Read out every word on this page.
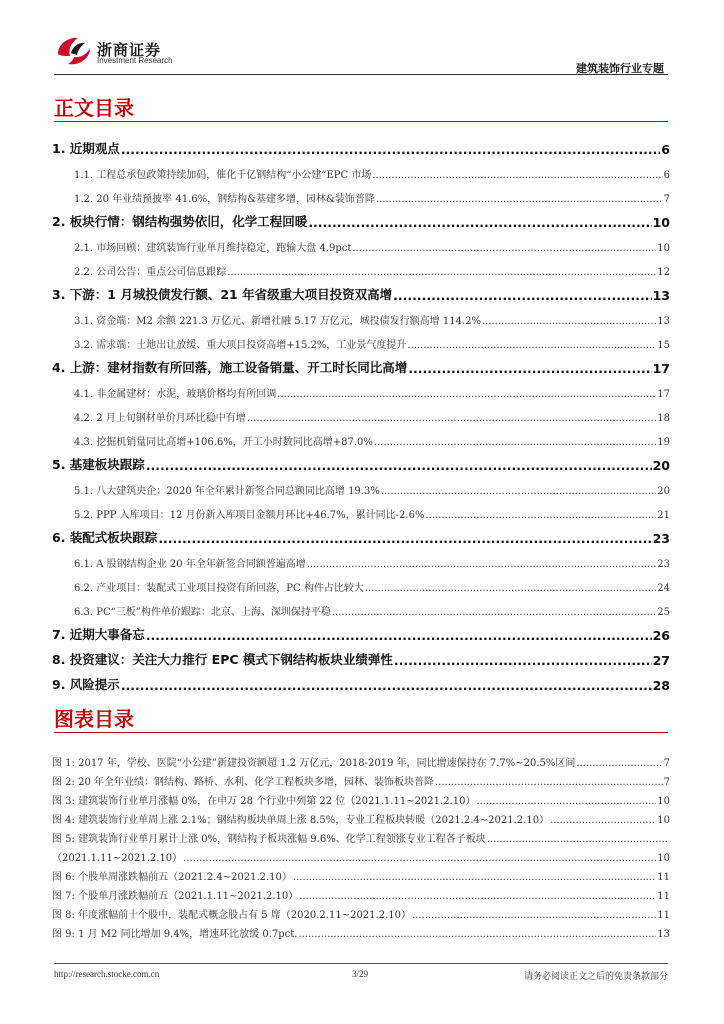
浙商证券
Investment Research
建筑装饰行业专题
正文目录
1. 近期观点 .....	6
1.1. 工程总承包政策持续加码，催化千亿钢结构“小公建”EPC 市场 .....	6
1.2. 20 年业绩预披率 41.6%，钢结构&基建多增，园林&装饰普降 .....	7
2. 板块行情：钢结构强势依旧，化学工程回暖 .....	10
2.1. 市场回顾：建筑装饰行业单月维持稳定，跑输大盘 4.9pct .....	10
2.2. 公司公告：重点公司信息跟踪 .....	12
3. 下游：1 月城投债发行额、21 年省级重大项目投资双高增 .....	13
3.1. 资金端：M2 余额 221.3 万亿元、新增社融 5.17 万亿元，城投债发行额高增 114.2% .....	13
3.2. 需求端：土地出让放缓、重大项目投资高增+15.2%，工业景气度提升 .....	15
4. 上游：建材指数有所回落，施工设备销量、开工时长同比高增 .....	17
4.1. 非金属建材：水泥，玻璃价格均有所回调 .....	17
4.2. 2 月上旬钢材单价月环比稳中有增 .....	18
4.3. 挖掘机销量同比高增+106.6%，开工小时数同比高增+87.0% .....	19
5. 基建板块跟踪 .....	20
5.1. 八大建筑央企：2020 年全年累计新签合同总额同比高增 19.3% .....	20
5.2. PPP 入库项目：12 月份新入库项目金额月环比+46.7%，累计同比-2.6% .....	21
6. 装配式板块跟踪 .....	23
6.1. A 股钢结构企业 20 年全年新签合同额普遍高增 .....	23
6.2. 产业项目：装配式工业项目投资有所回落，PC 构件占比较大 .....	24
6.3. PC“三板”构件单价跟踪：北京、上海、深圳保持平稳 .....	25
7. 近期大事备忘 .....	26
8. 投资建议：关注大力推行 EPC 模式下钢结构板块业绩弹性 .....	27
9. 风险提示 .....	28
图表目录
图 1: 2017 年，学校、医院“小公建”新建投资额超 1.2 万亿元，2018-2019 年，同比增速保持在 7.7%~20.5%区间 .....	7
图 2: 20 年全年业绩：钢结构、路桥、水利、化学工程板块多增，园林、装饰板块普降 .....	7
图 3: 建筑装饰行业单月涨幅 0%，在申万 28 个行业中列第 22 位（2021.1.11~2021.2.10） .....	10
图 4: 建筑装饰行业单周上涨 2.1%；钢结构板块单周上涨 8.5%，专业工程板块转暖（2021.2.4~2021.2.10） .....	10
图 5: 建筑装饰行业单月累计上涨 0%，钢结构子板块涨幅 9.6%、化学工程领涨专业工程各子板块
.....
（2021.1.11~2021.2.10） .....	10
图 6: 个股单周涨跌幅前五（2021.2.4~2021.2.10） .....	11
图 7: 个股单月涨跌幅前五（2021.1.11~2021.2.10） .....	11
图 8: 年度涨幅前十个股中，装配式概念股占有 5 席（2020.2.11~2021.2.10） .....	11
图 9: 1 月 M2 同比增加 9.4%，增速环比放缓 0.7pct. .....	13
http://research.stocke.com.cn	3/29	请务必阅读正文之后的免责条款部分
